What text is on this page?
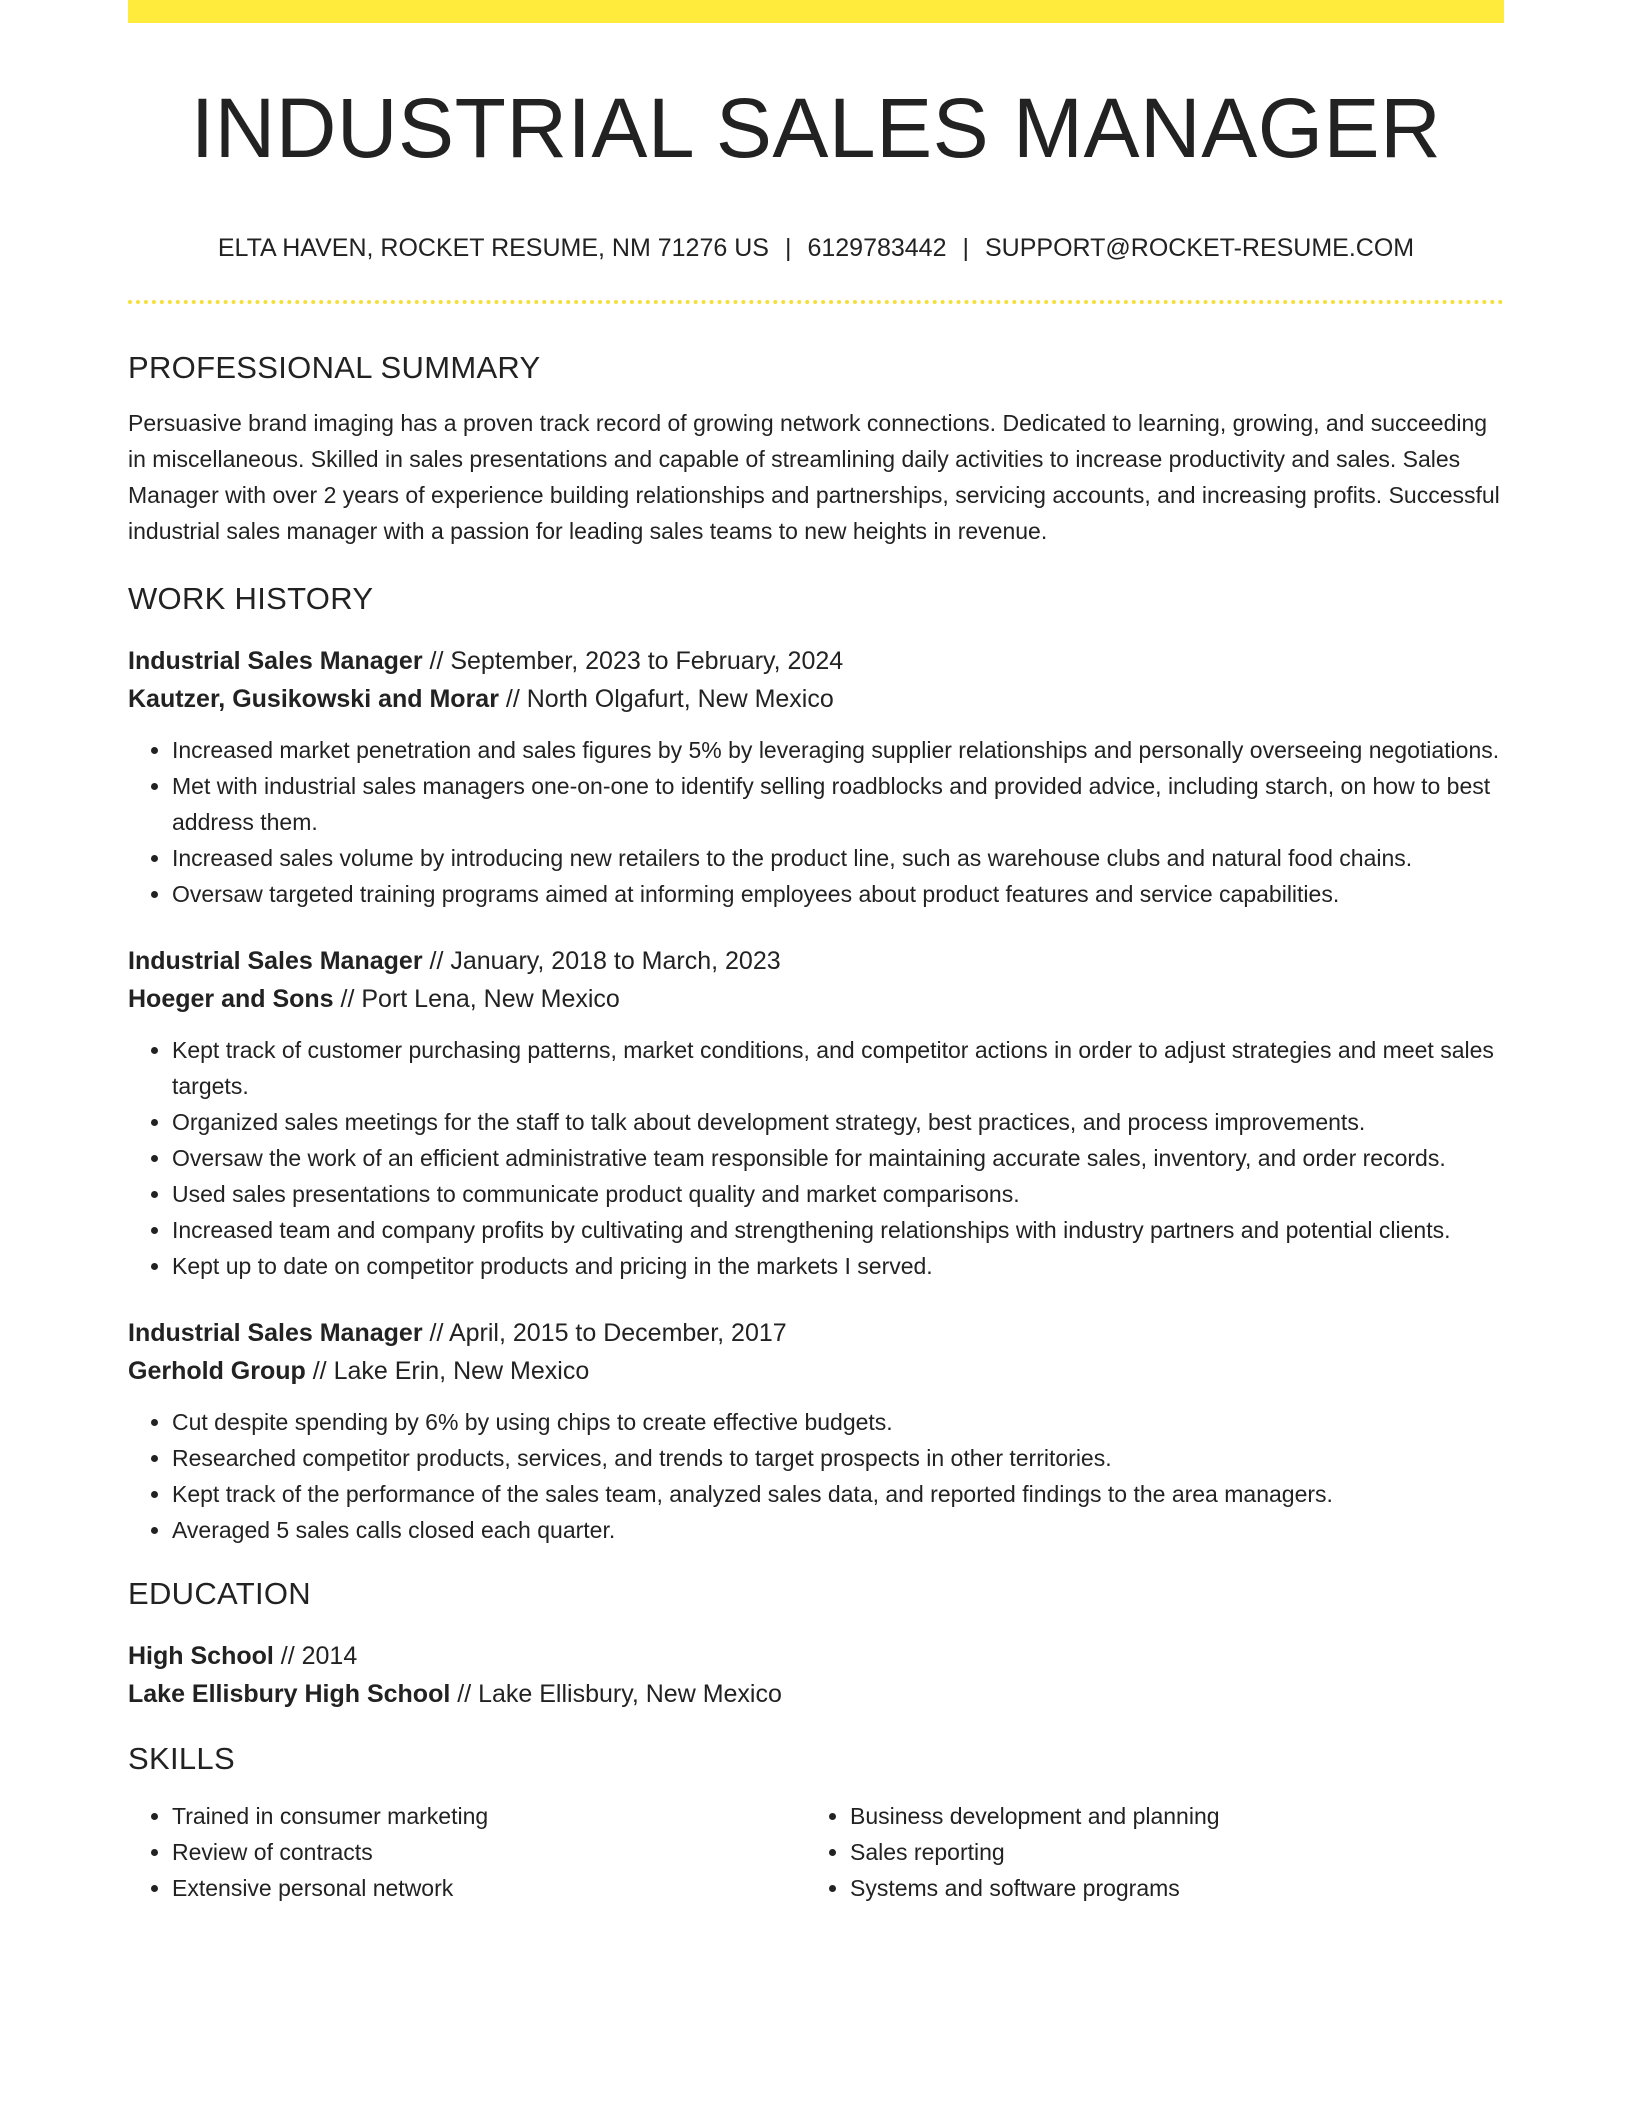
INDUSTRIAL SALES MANAGER
ELTA HAVEN, ROCKET RESUME, NM 71276 US | 6129783442 | SUPPORT@ROCKET-RESUME.COM
PROFESSIONAL SUMMARY
Persuasive brand imaging has a proven track record of growing network connections. Dedicated to learning, growing, and succeeding in miscellaneous. Skilled in sales presentations and capable of streamlining daily activities to increase productivity and sales. Sales Manager with over 2 years of experience building relationships and partnerships, servicing accounts, and increasing profits. Successful industrial sales manager with a passion for leading sales teams to new heights in revenue.
WORK HISTORY
Industrial Sales Manager // September, 2023 to February, 2024
Kautzer, Gusikowski and Morar // North Olgafurt, New Mexico
• Increased market penetration and sales figures by 5% by leveraging supplier relationships and personally overseeing negotiations.
• Met with industrial sales managers one-on-one to identify selling roadblocks and provided advice, including starch, on how to best address them.
• Increased sales volume by introducing new retailers to the product line, such as warehouse clubs and natural food chains.
• Oversaw targeted training programs aimed at informing employees about product features and service capabilities.
Industrial Sales Manager // January, 2018 to March, 2023
Hoeger and Sons // Port Lena, New Mexico
• Kept track of customer purchasing patterns, market conditions, and competitor actions in order to adjust strategies and meet sales targets.
• Organized sales meetings for the staff to talk about development strategy, best practices, and process improvements.
• Oversaw the work of an efficient administrative team responsible for maintaining accurate sales, inventory, and order records.
• Used sales presentations to communicate product quality and market comparisons.
• Increased team and company profits by cultivating and strengthening relationships with industry partners and potential clients.
• Kept up to date on competitor products and pricing in the markets I served.
Industrial Sales Manager // April, 2015 to December, 2017
Gerhold Group // Lake Erin, New Mexico
• Cut despite spending by 6% by using chips to create effective budgets.
• Researched competitor products, services, and trends to target prospects in other territories.
• Kept track of the performance of the sales team, analyzed sales data, and reported findings to the area managers.
• Averaged 5 sales calls closed each quarter.
EDUCATION
High School // 2014
Lake Ellisbury High School // Lake Ellisbury, New Mexico
SKILLS
• Trained in consumer marketing
• Review of contracts
• Extensive personal network
• Business development and planning
• Sales reporting
• Systems and software programs
